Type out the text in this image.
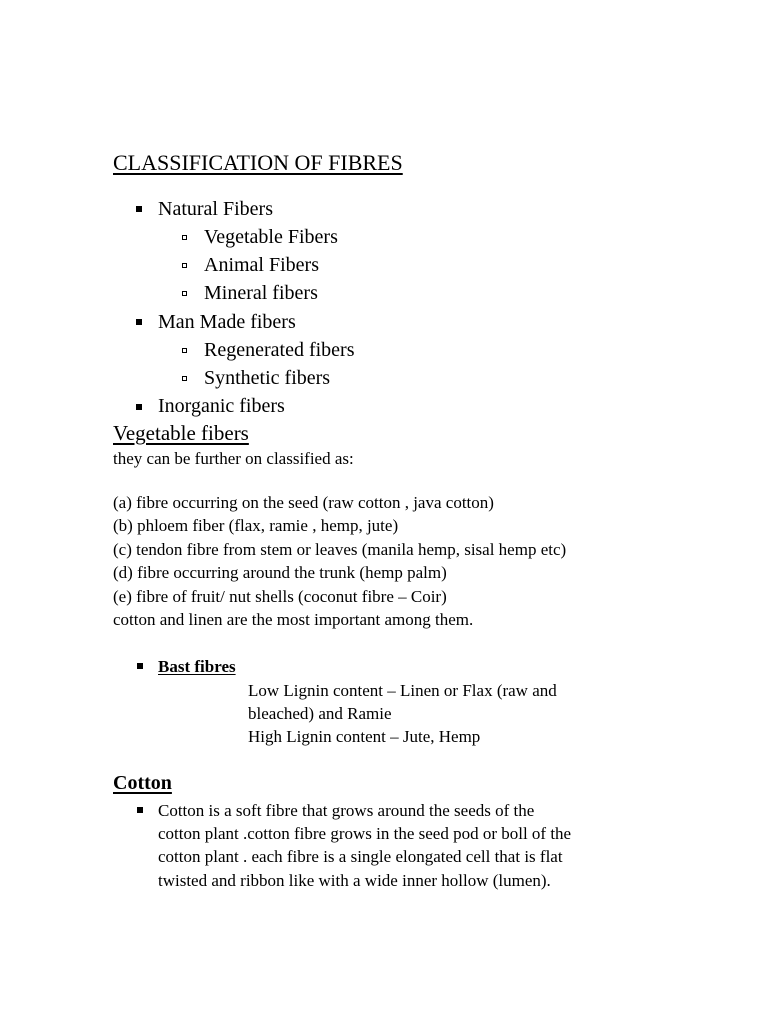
CLASSIFICATION OF FIBRES
Natural Fibers
Vegetable Fibers
Animal Fibers
Mineral fibers
Man Made fibers
Regenerated fibers
Synthetic fibers
Inorganic fibers
Vegetable fibers
they can be further on classified as:
(a) fibre occurring on the seed (raw cotton , java cotton)
(b) phloem fiber (flax, ramie , hemp, jute)
(c) tendon fibre from stem or leaves (manila hemp, sisal hemp etc)
(d) fibre occurring around the trunk (hemp palm)
(e) fibre of fruit/ nut shells (coconut fibre – Coir)
cotton and linen are the most important among them.
Bast fibres
Low Lignin content – Linen or Flax (raw and
bleached) and Ramie
High Lignin content – Jute, Hemp
Cotton
Cotton is a soft fibre that grows around the seeds of the
cotton plant .cotton fibre grows in the seed pod or boll of the
cotton plant . each fibre is a single elongated cell that is flat
twisted and ribbon like with a wide inner hollow (lumen).
